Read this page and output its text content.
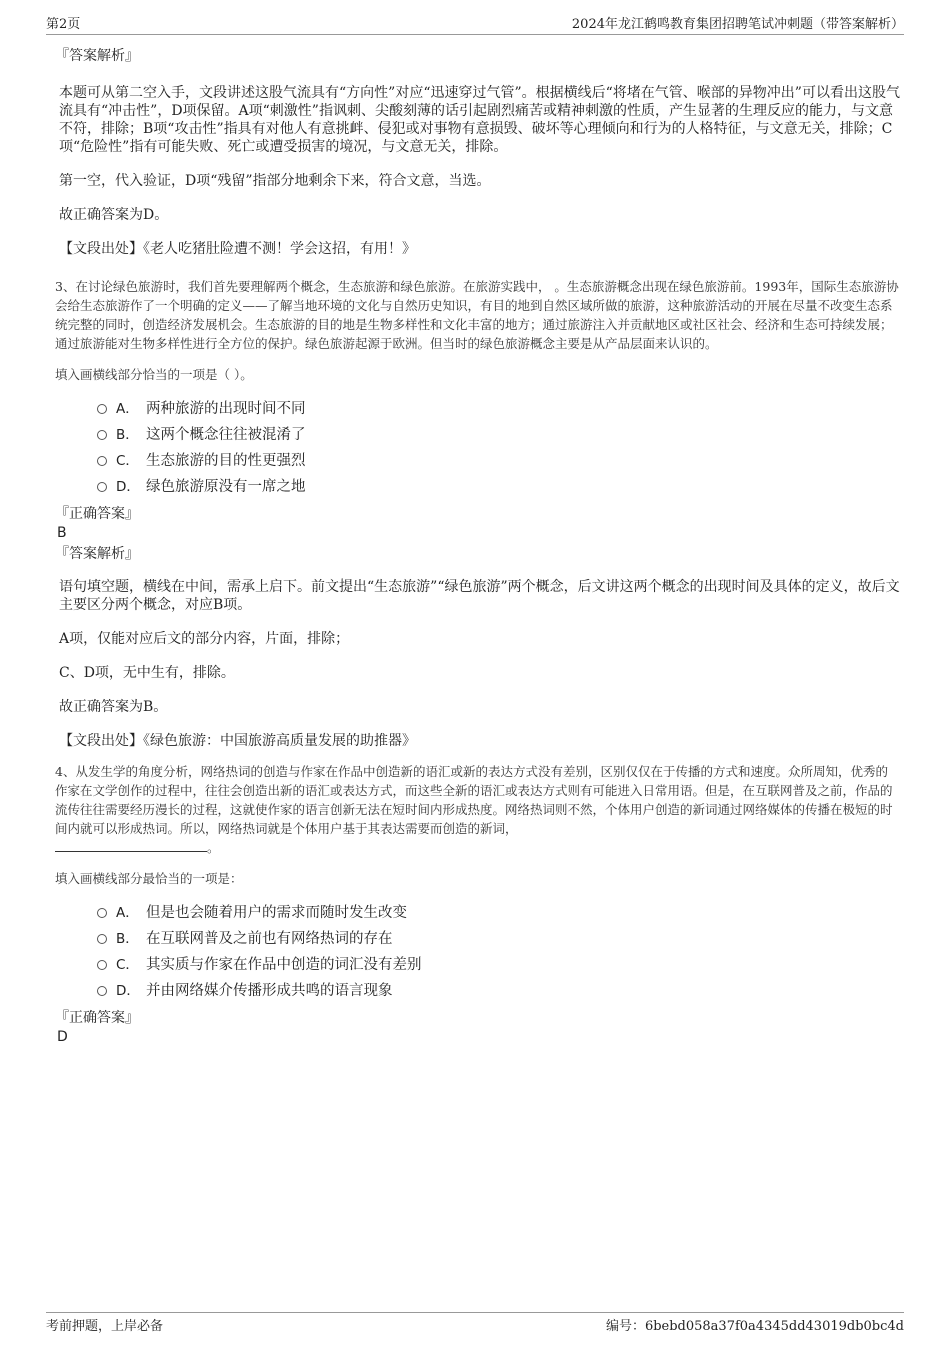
第2页	2024年龙江鹤鸣教育集团招聘笔试冲刺题（带答案解析）

『答案解析』

本题可从第二空入手，文段讲述这股气流具有“方向性”对应“迅速穿过气管”。根据横线后“将堵在气管、喉部的异物冲出”可以看出这股气流具有“冲击性”，D项保留。A项“刺激性”指讽刺、尖酸刻薄的话引起剧烈痛苦或精神刺激的性质，产生显著的生理反应的能力，与文意不符，排除；B项“攻击性”指具有对他人有意挑衅、侵犯或对事物有意损毁、破坏等心理倾向和行为的人格特征，与文意无关，排除；C项“危险性”指有可能失败、死亡或遭受损害的境况，与文意无关，排除。

第一空，代入验证，D项“残留”指部分地剩余下来，符合文意，当选。

故正确答案为D。

【文段出处】《老人吃猪肚险遭不测！学会这招，有用！》

3、在讨论绿色旅游时，我们首先要理解两个概念，生态旅游和绿色旅游。在旅游实践中， 。生态旅游概念出现在绿色旅游前。1993年，国际生态旅游协会给生态旅游作了一个明确的定义——了解当地环境的文化与自然历史知识，有目的地到自然区域所做的旅游，这种旅游活动的开展在尽量不改变生态系统完整的同时，创造经济发展机会。生态旅游的目的地是生物多样性和文化丰富的地方；通过旅游注入并贡献地区或社区社会、经济和生态可持续发展；通过旅游能对生物多样性进行全方位的保护。绿色旅游起源于欧洲。但当时的绿色旅游概念主要是从产品层面来认识的。

填入画横线部分恰当的一项是（ ）。

A． 两种旅游的出现时间不同
B． 这两个概念往往被混淆了
C． 生态旅游的目的性更强烈
D． 绿色旅游原没有一席之地

『正确答案』

B

『答案解析』

语句填空题，横线在中间，需承上启下。前文提出“生态旅游”“绿色旅游”两个概念，后文讲这两个概念的出现时间及具体的定义，故后文主要区分两个概念，对应B项。

A项，仅能对应后文的部分内容，片面，排除；

C、D项，无中生有，排除。

故正确答案为B。

【文段出处】《绿色旅游：中国旅游高质量发展的助推器》

4、从发生学的角度分析，网络热词的创造与作家在作品中创造新的语汇或新的表达方式没有差别，区别仅仅在于传播的方式和速度。众所周知，优秀的作家在文学创作的过程中，往往会创造出新的语汇或表达方式，而这些全新的语汇或表达方式则有可能进入日常用语。但是，在互联网普及之前，作品的流传往往需要经历漫长的过程，这就使作家的语言创新无法在短时间内形成热度。网络热词则不然，个体用户创造的新词通过网络媒体的传播在极短的时间内就可以形成热词。所以，网络热词就是个体用户基于其表达需要而创造的新词，
。

填入画横线部分最恰当的一项是：

A． 但是也会随着用户的需求而随时发生改变
B． 在互联网普及之前也有网络热词的存在
C． 其实质与作家在作品中创造的词汇没有差别
D． 并由网络媒介传播形成共鸣的语言现象

『正确答案』

D

考前押题，上岸必备	编号：6bebd058a37f0a4345dd43019db0bc4d
